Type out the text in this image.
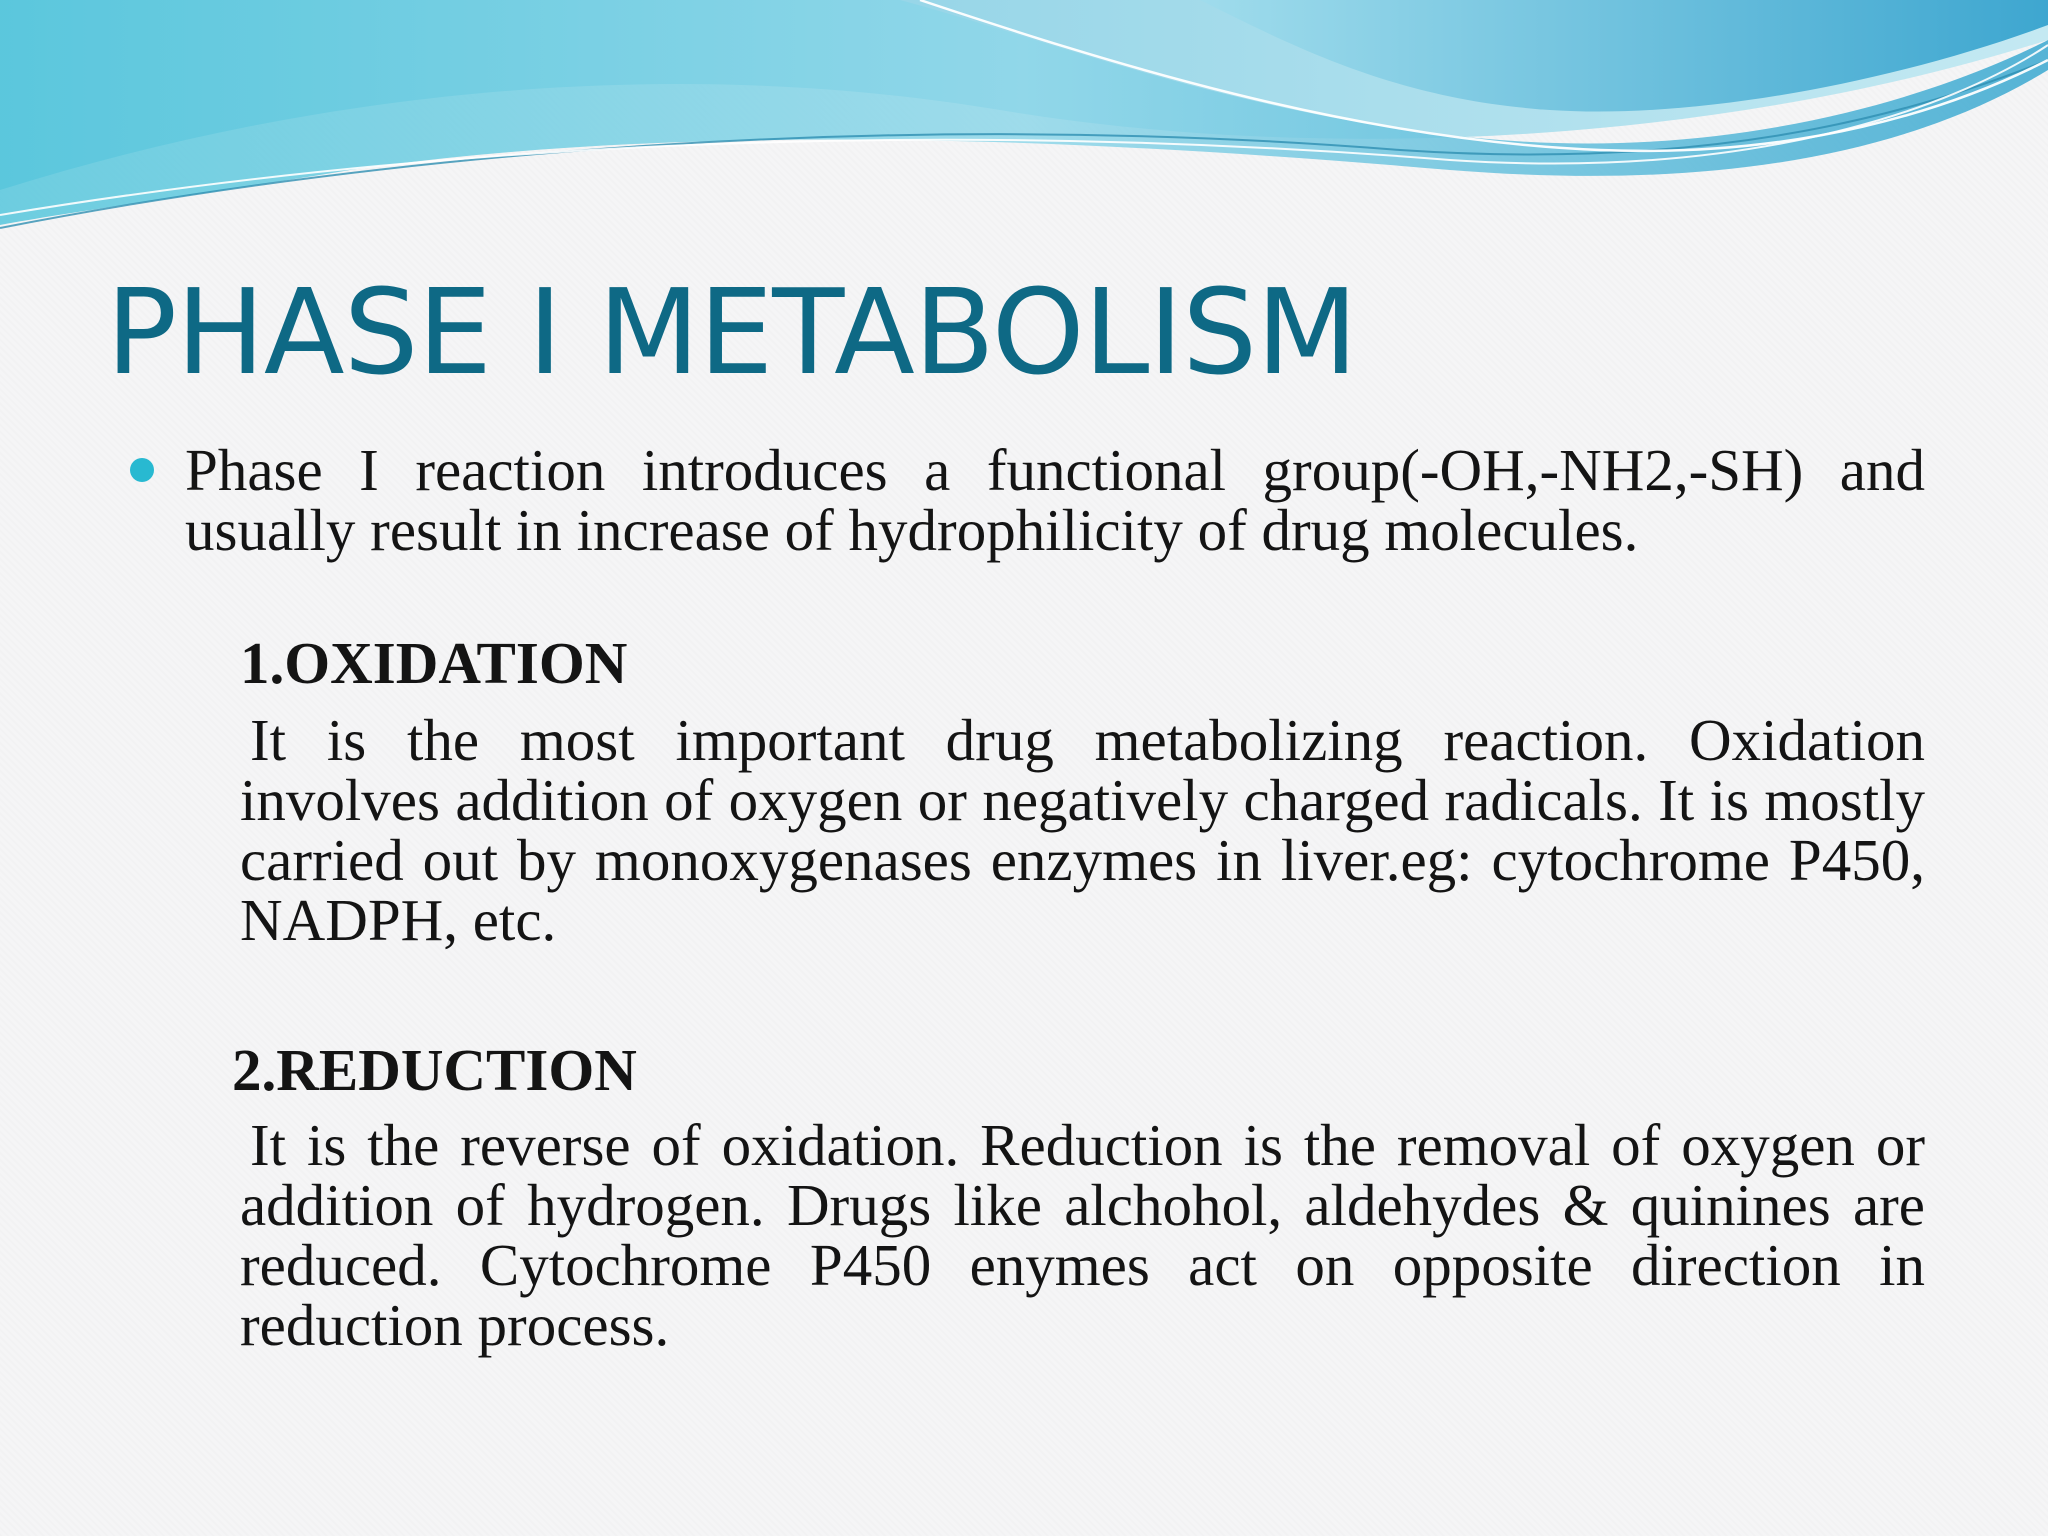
PHASE I METABOLISM

Phase I reaction introduces a functional group(-OH,-NH2,-SH) and usually result in increase of hydrophilicity of drug molecules.

1.OXIDATION

It is the most important drug metabolizing reaction. Oxidation involves addition of oxygen or negatively charged radicals. It is mostly carried out by monoxygenases enzymes in liver.eg: cytochrome P450, NADPH, etc.

2.REDUCTION

It is the reverse of oxidation. Reduction is the removal of oxygen or addition of hydrogen. Drugs like alchohol, aldehydes & quinines are reduced. Cytochrome P450 enymes act on opposite direction in reduction process.
